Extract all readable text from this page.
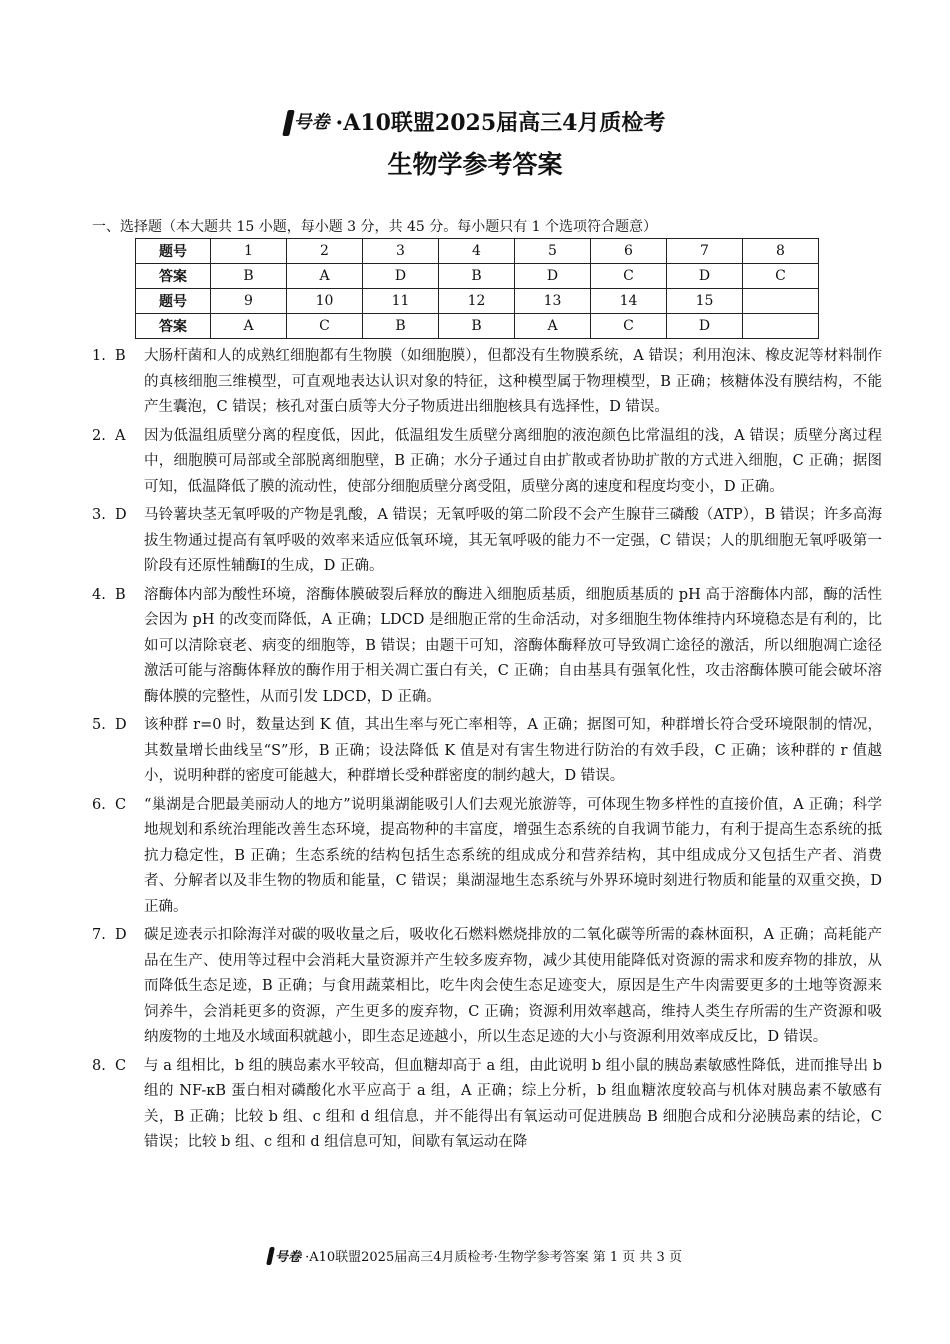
号卷 ·A10联盟2025届高三4月质检考
生物学参考答案
一、选择题（本大题共 15 小题，每小题 3 分，共 45 分。每小题只有 1 个选项符合题意）
题号	1	2	3	4	5	6	7	8
答案	B	A	D	B	D	C	D	C
题号	9	10	11	12	13	14	15	
答案	A	C	B	B	A	C	D	
1.  B 大肠杆菌和人的成熟红细胞都有生物膜（如细胞膜），但都没有生物膜系统，A 错误；利用泡沫、橡皮泥等材料制作的真核细胞三维模型，可直观地表达认识对象的特征，这种模型属于物理模型，B 正确；核糖体没有膜结构，不能产生囊泡，C 错误；核孔对蛋白质等大分子物质进出细胞核具有选择性，D 错误。
2.  A 因为低温组质壁分离的程度低，因此，低温组发生质壁分离细胞的液泡颜色比常温组的浅，A 错误；质壁分离过程中，细胞膜可局部或全部脱离细胞壁，B 正确；水分子通过自由扩散或者协助扩散的方式进入细胞，C 正确；据图可知，低温降低了膜的流动性，使部分细胞质壁分离受阻，质壁分离的速度和程度均变小，D 正确。
3.  D 马铃薯块茎无氧呼吸的产物是乳酸，A 错误；无氧呼吸的第二阶段不会产生腺苷三磷酸（ATP），B 错误；许多高海拔生物通过提高有氧呼吸的效率来适应低氧环境，其无氧呼吸的能力不一定强，C 错误；人的肌细胞无氧呼吸第一阶段有还原性辅酶Ⅰ的生成，D 正确。
4.  B 溶酶体内部为酸性环境，溶酶体膜破裂后释放的酶进入细胞质基质，细胞质基质的 pH 高于溶酶体内部，酶的活性会因为 pH 的改变而降低，A 正确；LDCD 是细胞正常的生命活动，对多细胞生物体维持内环境稳态是有利的，比如可以清除衰老、病变的细胞等，B 错误；由题干可知，溶酶体酶释放可导致凋亡途径的激活，所以细胞凋亡途径激活可能与溶酶体释放的酶作用于相关凋亡蛋白有关，C 正确；自由基具有强氧化性，攻击溶酶体膜可能会破坏溶酶体膜的完整性，从而引发 LDCD，D 正确。
5.  D 该种群 r=0 时，数量达到 K 值，其出生率与死亡率相等，A 正确；据图可知，种群增长符合受环境限制的情况，其数量增长曲线呈“S”形，B 正确；设法降低 K 值是对有害生物进行防治的有效手段，C 正确；该种群的 r 值越小，说明种群的密度可能越大，种群增长受种群密度的制约越大，D 错误。
6.  C “巢湖是合肥最美丽动人的地方”说明巢湖能吸引人们去观光旅游等，可体现生物多样性的直接价值，A 正确；科学地规划和系统治理能改善生态环境，提高物种的丰富度，增强生态系统的自我调节能力，有利于提高生态系统的抵抗力稳定性，B 正确；生态系统的结构包括生态系统的组成成分和营养结构，其中组成成分又包括生产者、消费者、分解者以及非生物的物质和能量，C 错误；巢湖湿地生态系统与外界环境时刻进行物质和能量的双重交换，D 正确。
7.  D 碳足迹表示扣除海洋对碳的吸收量之后，吸收化石燃料燃烧排放的二氧化碳等所需的森林面积，A 正确；高耗能产品在生产、使用等过程中会消耗大量资源并产生较多废弃物，减少其使用能降低对资源的需求和废弃物的排放，从而降低生态足迹，B 正确；与食用蔬菜相比，吃牛肉会使生态足迹变大，原因是生产牛肉需要更多的土地等资源来饲养牛，会消耗更多的资源，产生更多的废弃物，C 正确；资源利用效率越高，维持人类生存所需的生产资源和吸纳废物的土地及水域面积就越小，即生态足迹越小，所以生态足迹的大小与资源利用效率成反比，D 错误。
8.  C 与 a 组相比，b 组的胰岛素水平较高，但血糖却高于 a 组，由此说明 b 组小鼠的胰岛素敏感性降低，进而推导出 b 组的 NF-κB 蛋白相对磷酸化水平应高于 a 组，A 正确；综上分析，b 组血糖浓度较高与机体对胰岛素不敏感有关，B 正确；比较 b 组、c 组和 d 组信息，并不能得出有氧运动可促进胰岛 B 细胞合成和分泌胰岛素的结论，C 错误；比较 b 组、c 组和 d 组信息可知，间歇有氧运动在降
号卷 ·A10联盟2025届高三4月质检考·生物学参考答案 第 1 页 共 3 页
